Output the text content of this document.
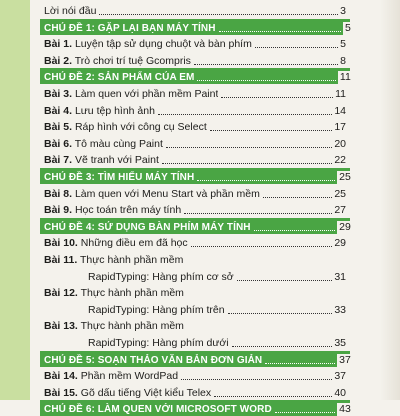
Lời nói đầu	3
CHỦ ĐỀ 1: GẶP LẠI BẠN MÁY TÍNH	5
Bài 1. Luyện tập sử dụng chuột và bàn phím	5
Bài 2. Trò chơi trí tuệ Gcompris	8
CHỦ ĐỀ 2: SẢN PHẨM CỦA EM	11
Bài 3. Làm quen với phần mềm Paint	11
Bài 4. Lưu tệp hình ảnh	14
Bài 5. Ráp hình với công cụ Select	17
Bài 6. Tô màu cùng Paint	20
Bài 7. Vẽ tranh với Paint	22
CHỦ ĐỀ 3: TÌM HIỂU MÁY TÍNH	25
Bài 8. Làm quen với Menu Start và phần mềm	25
Bài 9. Học toán trên máy tính	27
CHỦ ĐỀ 4: SỬ DỤNG BÀN PHÍM MÁY TÍNH	29
Bài 10. Những điều em đã học	29
Bài 11. Thực hành phần mềm
RapidTyping: Hàng phím cơ sở	31
Bài 12. Thực hành phần mềm
RapidTyping: Hàng phím trên	33
Bài 13. Thực hành phần mềm
RapidTyping: Hàng phím dưới	35
CHỦ ĐỀ 5: SOẠN THẢO VĂN BẢN ĐƠN GIẢN	37
Bài 14. Phần mềm WordPad	37
Bài 15. Gõ dấu tiếng Việt kiểu Telex	40
CHỦ ĐỀ 6: LÀM QUEN VỚI MICROSOFT WORD	43
